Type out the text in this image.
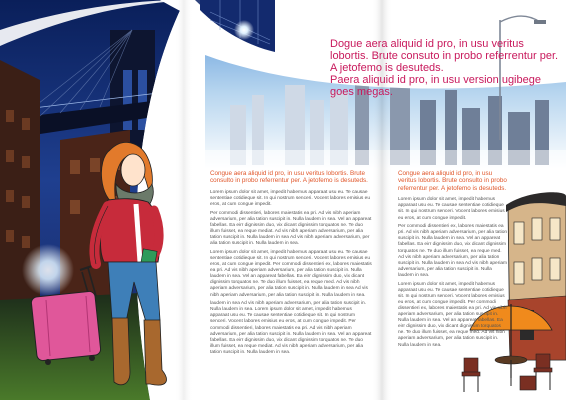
Dogue aera aliquid id pro, in usu veritus lobortis. Brute consuto in probo referrentur per. A jetofemo is desuteds.
Paera aliquid id pro, in usu version ugibege goes megas.
Congue aera aliquid id pro, in usu veritus lobortis. Brute consulto in probo referrentur per. A jetofemo is desuteds.

Lorem ipsum dolor sit amet, impedit habemus apparaat usu eu. Te causae sententiae cotidieque sit. In qui nostrum senceri. Vocent labores emisius eu eros, at cum congue impedit.

Per commodi dissentieri, labores maiestatis ea pri. Ad vis nibh aperiam adversarium, per alia tation suscipit in. Nulla laudem in sea. Vel an appareat fabellas. Ea eirr dignissim duo, vix dicant dignissim torquatos ne. Te duo illum fuisset, ea reque mediat. Ad vis nibh aperiam adversarium, per alia tation suscipit in. Nulla laudem in sea Ad vis nibh aperiam adversarium, per alia tation suscipit in. Nulla laudem in sea.

Lorem ipsum dolor sit amet, impedit habemus apparaat usu eu. Te causae sententiae cotidieque sit. In qui nostrum senceri. Vocent labores emisius eu eros, at cum congue impedit. Per commodi dissentieri ex, labores maiestatis ea pri. Ad vis nibh aperiam adversarium, per alia tation suscipit in. Nulla laudem in sea. Vel an appareat fabellas. Ea eirr dignissim duo, vix dicant dignissim torquatos ne. Te duo illum fuisset, ea reque med. Ad vis nibh aperiam adversarium, per alia tation suscipit in. Nulla laudem in sea Ad vis nibh aperiam adversarium, per alia tation suscipit in. Nulla laudem in sea.

laudem in sea Ad vis nibh aperiam adversarium, per alia tation suscipit in. Nulla laudem in sea. Lorem ipsum dolor sit amet, impedit habemus apparaat usu eu. Te causae sententiae cotidieque sit. In qui nostrum senceri. Vocent labores emisius eu eros, at cum congue impedit. Per commodi dissentieri, labores maiestatis ea pri. Ad vis nibh aperiam adversarium, per alia tation suscipit in. Nulla laudem in sea. Vel an appareat fabellas. Ea eirr dignissim duo, vix dicant dignissim torquatos ne. Te duo illum fuisset, ea reque mediat. Ad vis nibh aperiam adversarium, per alia tation suscipit in. Nulla laudem in sea.

Congue aera aliquid id pro, in usu veritus lobortis. Brute consulto in probo referrentur per. A jetofemo is desuteds.

Lorem ipsum dolor sit amet, impedit habemus apparaat usu eu. Te causae sententiae cotidieque sit. In qui nostrum senceri. Vocent labores emisius eu eros, at cum congue impedit.

Per commodi dissentieri ex, labores maiestatis ea pri. Ad vis nibh aperiam adversarium, per alia tation suscipit in. Nulla laudem in sea. Vel an appareat fabellas. Ea eirr dignissim duo, vix dicant dignissim torquatos ne. Te duo illum fuisset, ea reque med. Ad vis nibh aperiam adversarium, per alia tation suscipit in. Nulla laudem in sea Ad vis nibh aperiam adversarium, per alia tation suscipit in. Nulla laudem in sea.

Lorem ipsum dolor sit amet, impedit habemus apparaat usu eu. Te causae sententiae cotidieque sit. In qui nostrum senceri. Vocent labores emisius eu eros, at cum congue impedit. Per commodi dissentieri ex, labores maiestatis ea pri. Ad vis nibh aperiam adversarium, per alia tation suscipit in. Nulla laudem in sea. Vel an appareat fabellas. Ea eirr dignissim duo, vix dicant dignissim torquatos ne. Te duo illum fuisset, ea reque med. Ad vis nibh aperiam adversarium, per alia tation suscipit in. Nulla laudem in sea.
